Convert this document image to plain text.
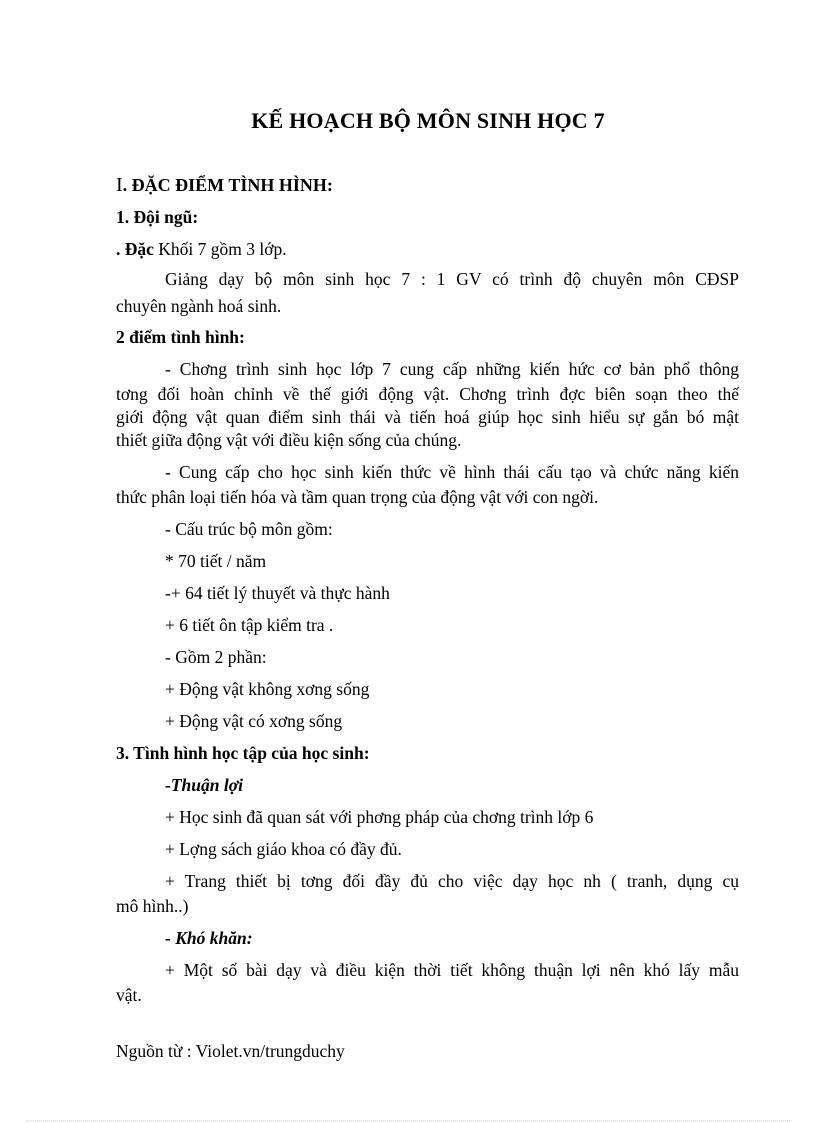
KẾ HOẠCH BỘ MÔN SINH HỌC 7
I. ĐẶC ĐIỂM TÌNH HÌNH:
1. Đội ngũ:
. Đặc Khối 7 gồm 3 lớp.
Giảng dạy bộ môn sinh học 7 : 1 GV có trình độ chuyên môn CĐSP
chuyên ngành hoá sinh.
2 điểm tình hình:
- Chơng trình sinh học lớp 7 cung cấp những kiến hức cơ bản phổ thông
tơng đối hoàn chỉnh về thế giới động vật. Chơng trình đợc biên soạn theo thế
giới động vật quan điểm sinh thái và tiến hoá giúp học sinh hiểu sự gắn bó mật
thiết giữa động vật với điều kiện sống của chúng.
- Cung cấp cho học sinh kiến thức về hình thái cấu tạo và chức năng kiến
thức phân loại tiến hóa và tầm quan trọng của động vật với con ngời.
- Cấu trúc bộ môn gồm:
* 70 tiết / năm
-+ 64 tiết lý thuyết và thực hành
+ 6 tiết ôn tập kiểm tra .
- Gồm 2 phần:
+ Động vật không xơng sống
+ Động vật có xơng sống
3. Tình hình học tập của học sinh:
-Thuận lợi
+ Học sinh đã quan sát với phơng pháp của chơng trình lớp 6
+ Lợng sách giáo khoa có đầy đủ.
+ Trang thiết bị tơng đối đầy đủ cho việc dạy học nh ( tranh, dụng cụ
mô hình..)
- Khó khăn:
+ Một số bài dạy và điều kiện thời tiết không thuận lợi nên khó lấy mẫu
vật.
Nguồn từ : Violet.vn/trungduchy
